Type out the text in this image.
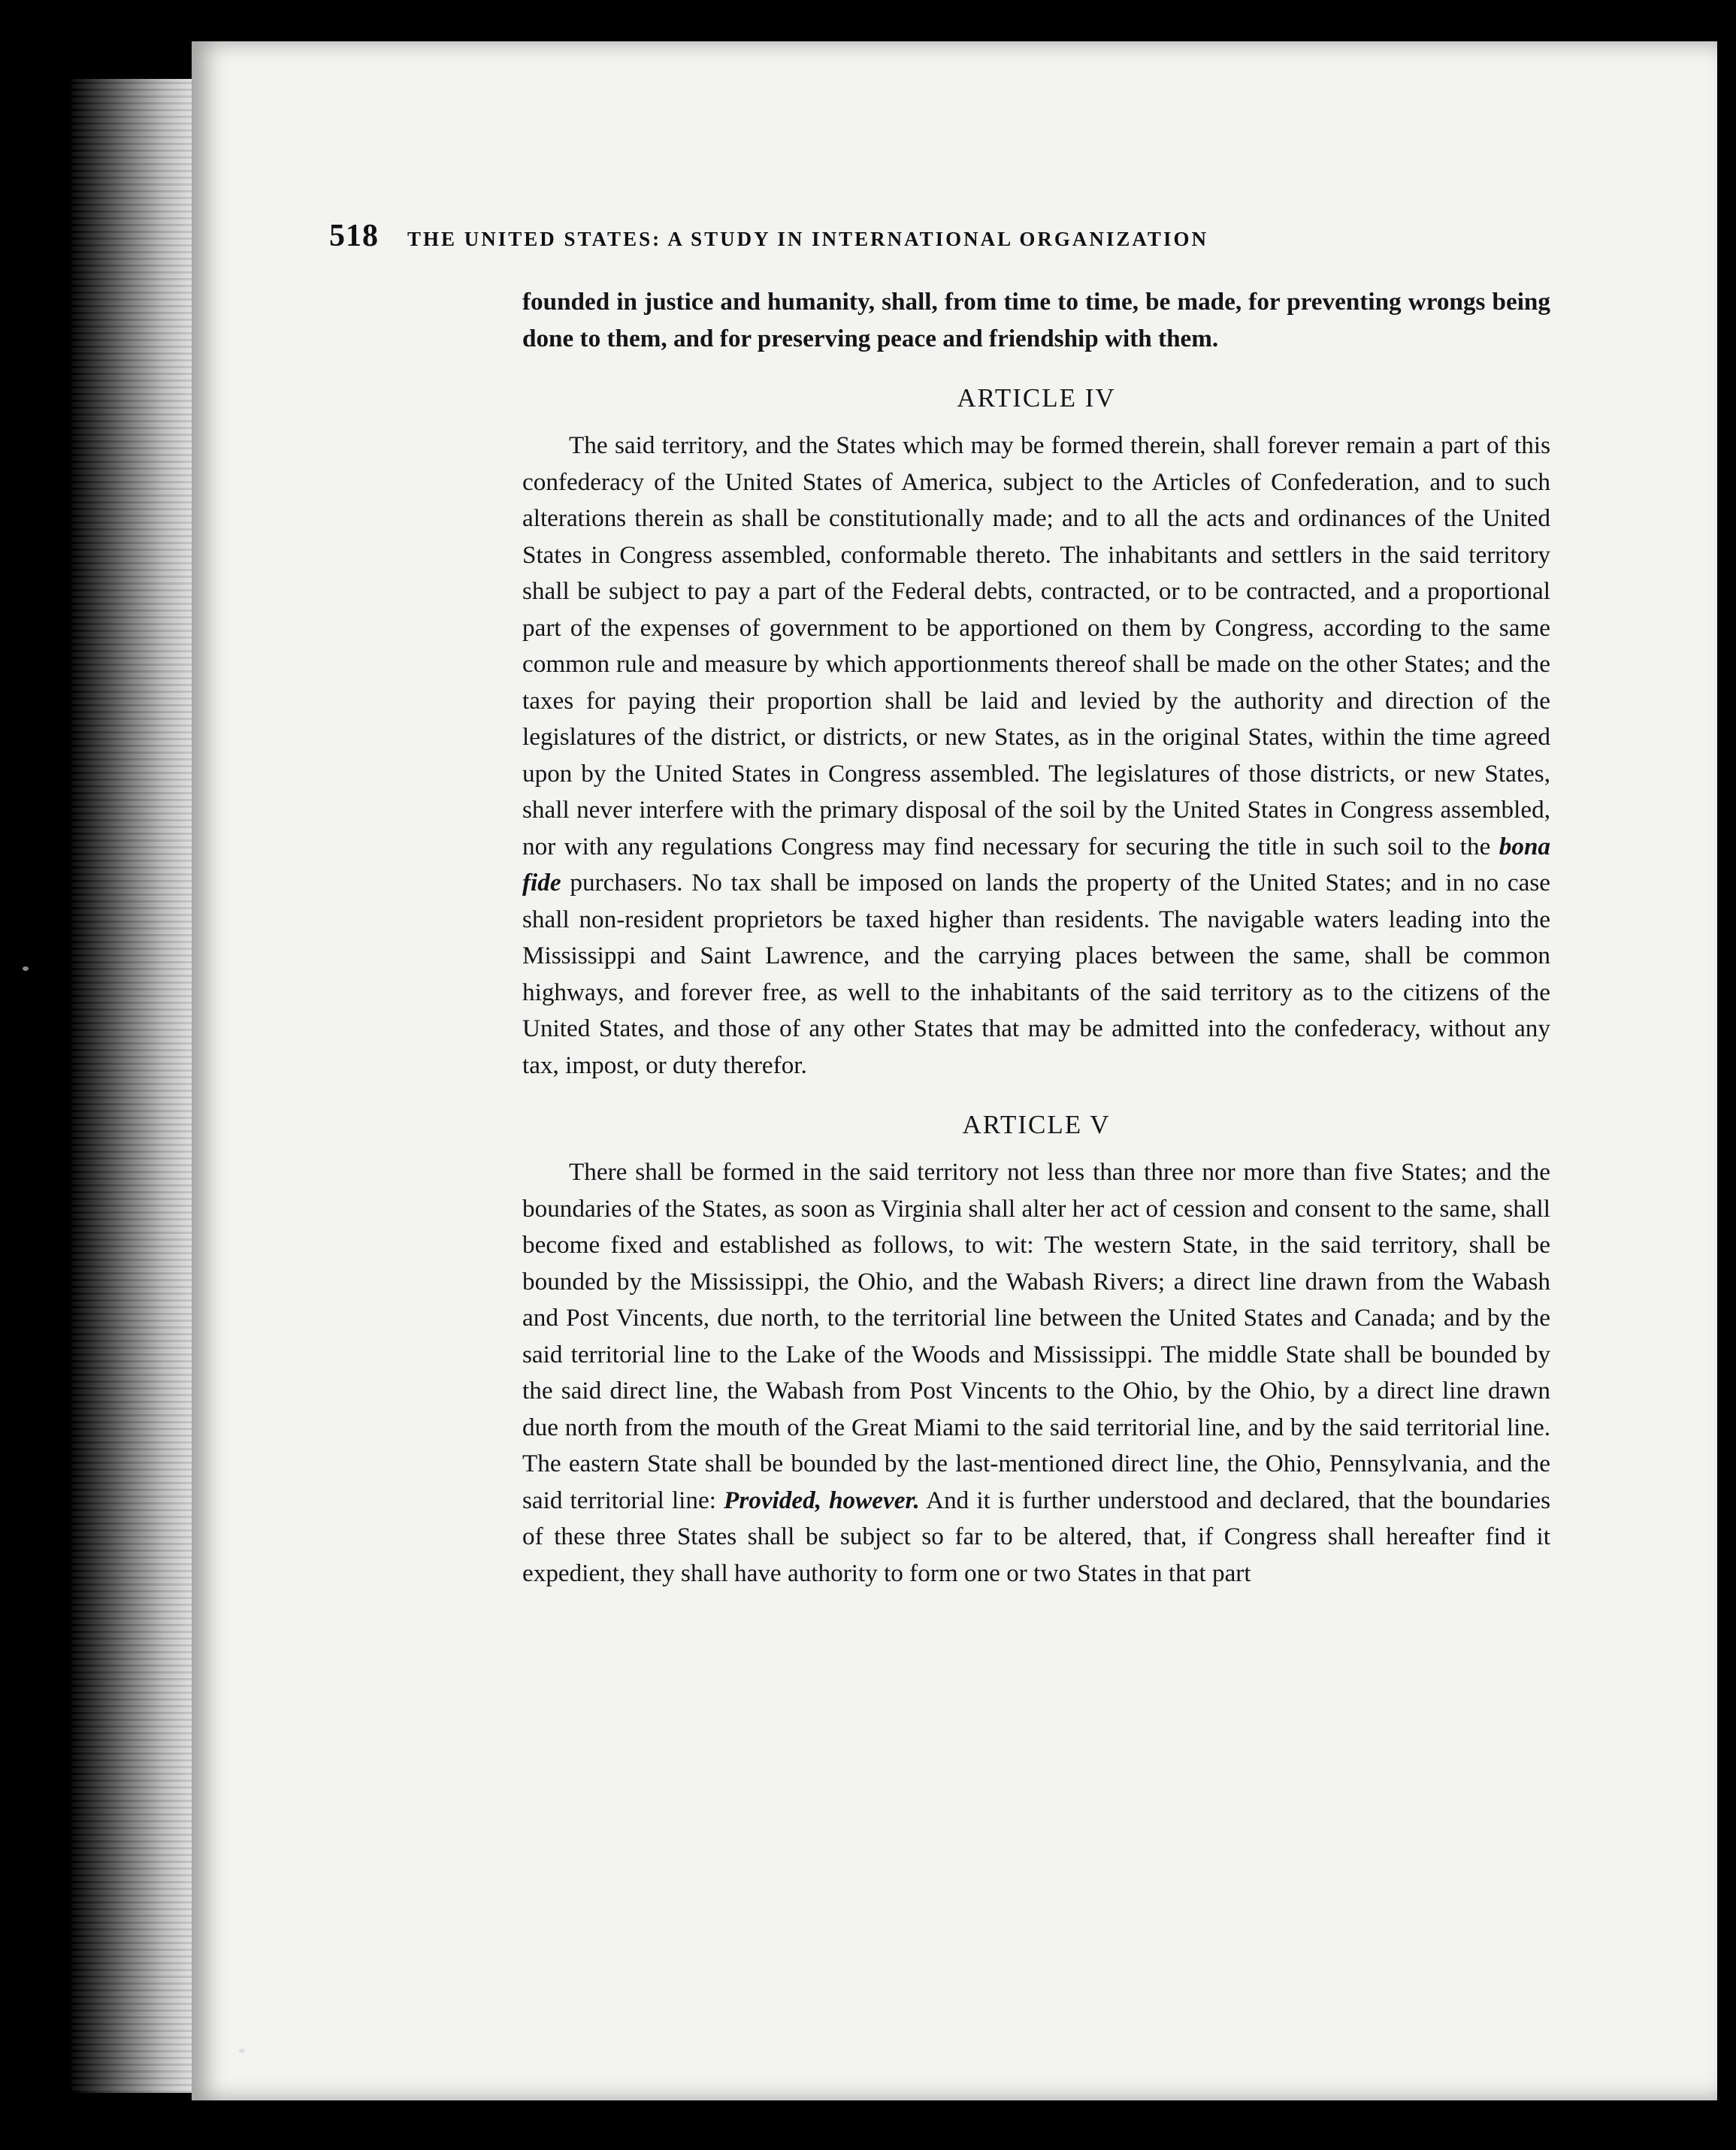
518 THE UNITED STATES: A STUDY IN INTERNATIONAL ORGANIZATION

founded in justice and humanity, shall, from time to time, be made, for preventing wrongs being done to them, and for preserving peace and friendship with them.

ARTICLE IV

The said territory, and the States which may be formed therein, shall forever remain a part of this confederacy of the United States of America, subject to the Articles of Confederation, and to such alterations therein as shall be constitutionally made; and to all the acts and ordinances of the United States in Congress assembled, conformable thereto. The inhabitants and settlers in the said territory shall be subject to pay a part of the Federal debts, contracted, or to be contracted, and a proportional part of the expenses of government to be apportioned on them by Congress, according to the same common rule and measure by which apportionments thereof shall be made on the other States; and the taxes for paying their proportion shall be laid and levied by the authority and direction of the legislatures of the district, or districts, or new States, as in the original States, within the time agreed upon by the United States in Congress assembled. The legislatures of those districts, or new States, shall never interfere with the primary disposal of the soil by the United States in Congress assembled, nor with any regulations Congress may find necessary for securing the title in such soil to the bona fide purchasers. No tax shall be imposed on lands the property of the United States; and in no case shall non-resident proprietors be taxed higher than residents. The navigable waters leading into the Mississippi and Saint Lawrence, and the carrying places between the same, shall be common highways, and forever free, as well to the inhabitants of the said territory as to the citizens of the United States, and those of any other States that may be admitted into the confederacy, without any tax, impost, or duty therefor.

ARTICLE V

There shall be formed in the said territory not less than three nor more than five States; and the boundaries of the States, as soon as Virginia shall alter her act of cession and consent to the same, shall become fixed and established as follows, to wit: The western State, in the said territory, shall be bounded by the Mississippi, the Ohio, and the Wabash Rivers; a direct line drawn from the Wabash and Post Vincents, due north, to the territorial line between the United States and Canada; and by the said territorial line to the Lake of the Woods and Mississippi. The middle State shall be bounded by the said direct line, the Wabash from Post Vincents to the Ohio, by the Ohio, by a direct line drawn due north from the mouth of the Great Miami to the said territorial line, and by the said territorial line. The eastern State shall be bounded by the last-mentioned direct line, the Ohio, Pennsylvania, and the said territorial line: Provided, however. And it is further understood and declared, that the boundaries of these three States shall be subject so far to be altered, that, if Congress shall hereafter find it expedient, they shall have authority to form one or two States in that part
